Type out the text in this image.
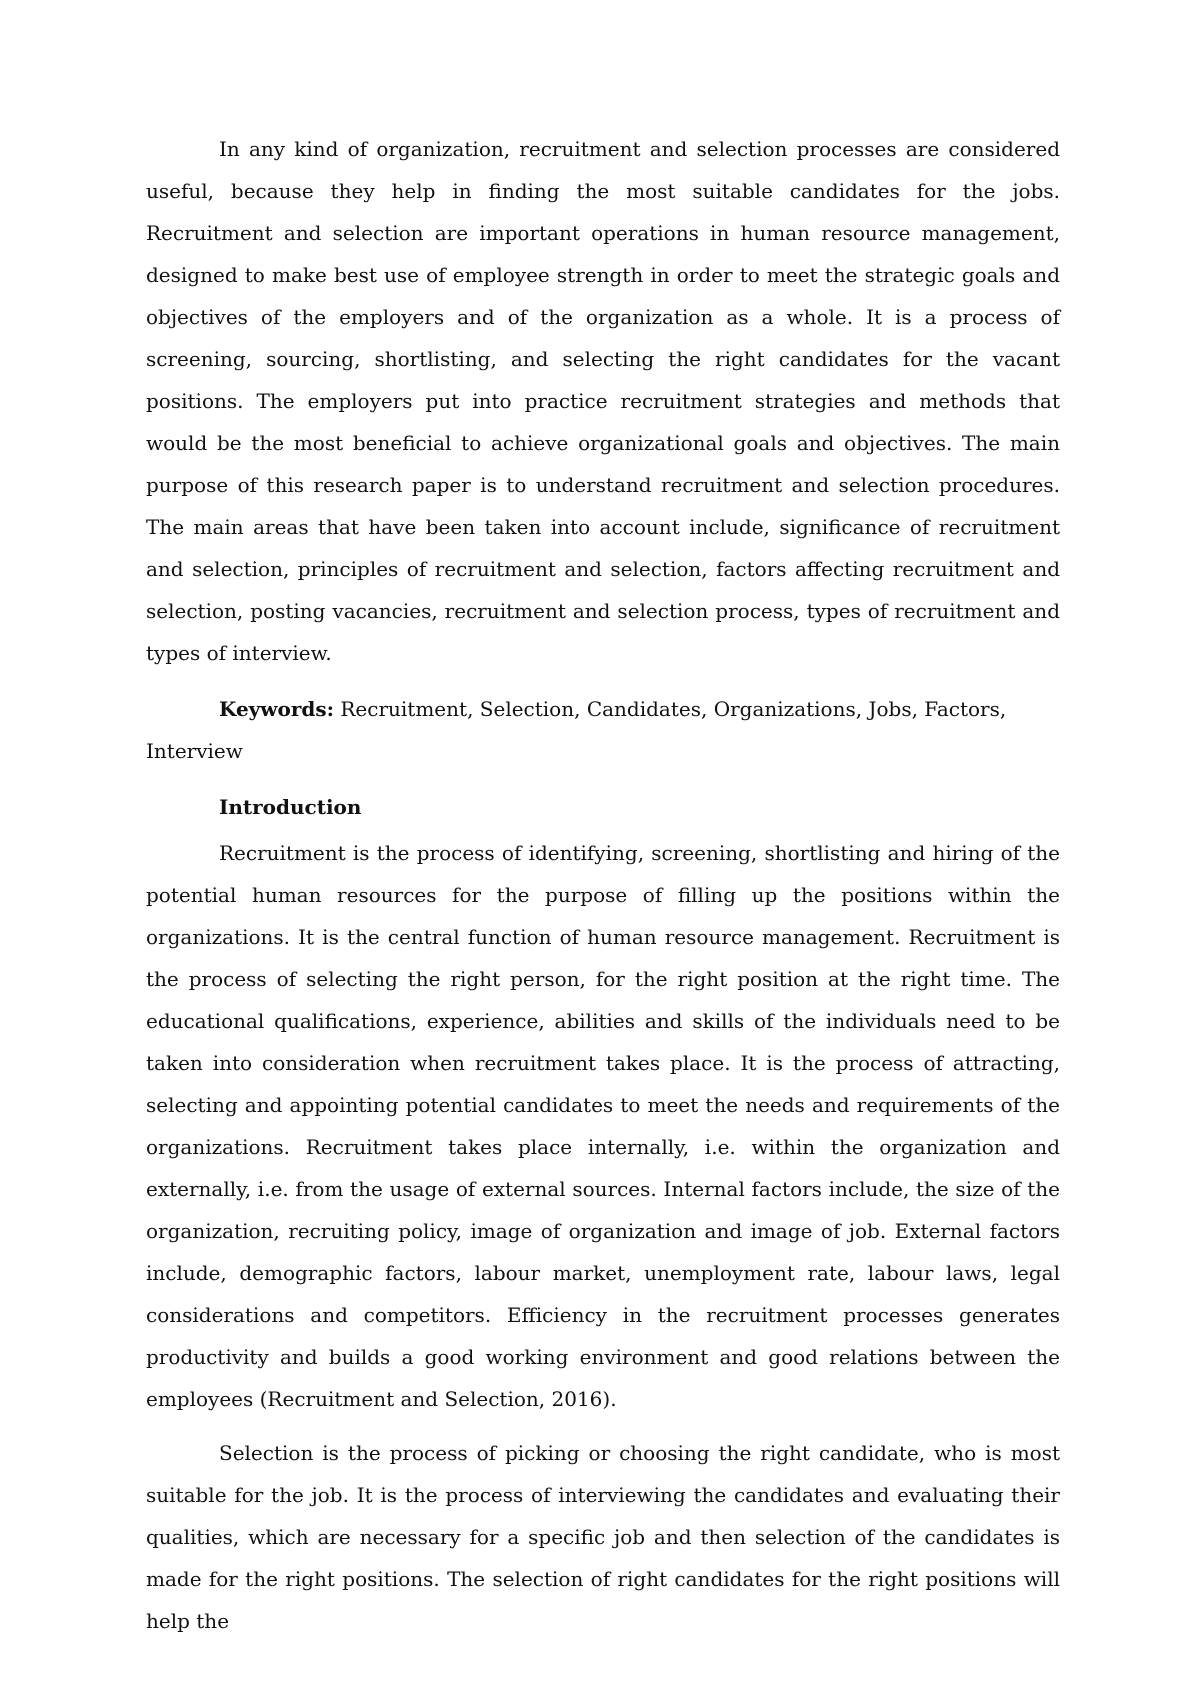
In any kind of organization, recruitment and selection processes are considered useful, because they help in finding the most suitable candidates for the jobs. Recruitment and selection are important operations in human resource management, designed to make best use of employee strength in order to meet the strategic goals and objectives of the employers and of the organization as a whole. It is a process of screening, sourcing, shortlisting, and selecting the right candidates for the vacant positions. The employers put into practice recruitment strategies and methods that would be the most beneficial to achieve organizational goals and objectives. The main purpose of this research paper is to understand recruitment and selection procedures. The main areas that have been taken into account include, significance of recruitment and selection, principles of recruitment and selection, factors affecting recruitment and selection, posting vacancies, recruitment and selection process, types of recruitment and types of interview.

Keywords: Recruitment, Selection, Candidates, Organizations, Jobs, Factors, Interview

Introduction

Recruitment is the process of identifying, screening, shortlisting and hiring of the potential human resources for the purpose of filling up the positions within the organizations. It is the central function of human resource management. Recruitment is the process of selecting the right person, for the right position at the right time. The educational qualifications, experience, abilities and skills of the individuals need to be taken into consideration when recruitment takes place. It is the process of attracting, selecting and appointing potential candidates to meet the needs and requirements of the organizations. Recruitment takes place internally, i.e. within the organization and externally, i.e. from the usage of external sources. Internal factors include, the size of the organization, recruiting policy, image of organization and image of job. External factors include, demographic factors, labour market, unemployment rate, labour laws, legal considerations and competitors. Efficiency in the recruitment processes generates productivity and builds a good working environment and good relations between the employees (Recruitment and Selection, 2016).

Selection is the process of picking or choosing the right candidate, who is most suitable for the job. It is the process of interviewing the candidates and evaluating their qualities, which are necessary for a specific job and then selection of the candidates is made for the right positions. The selection of right candidates for the right positions will help the
